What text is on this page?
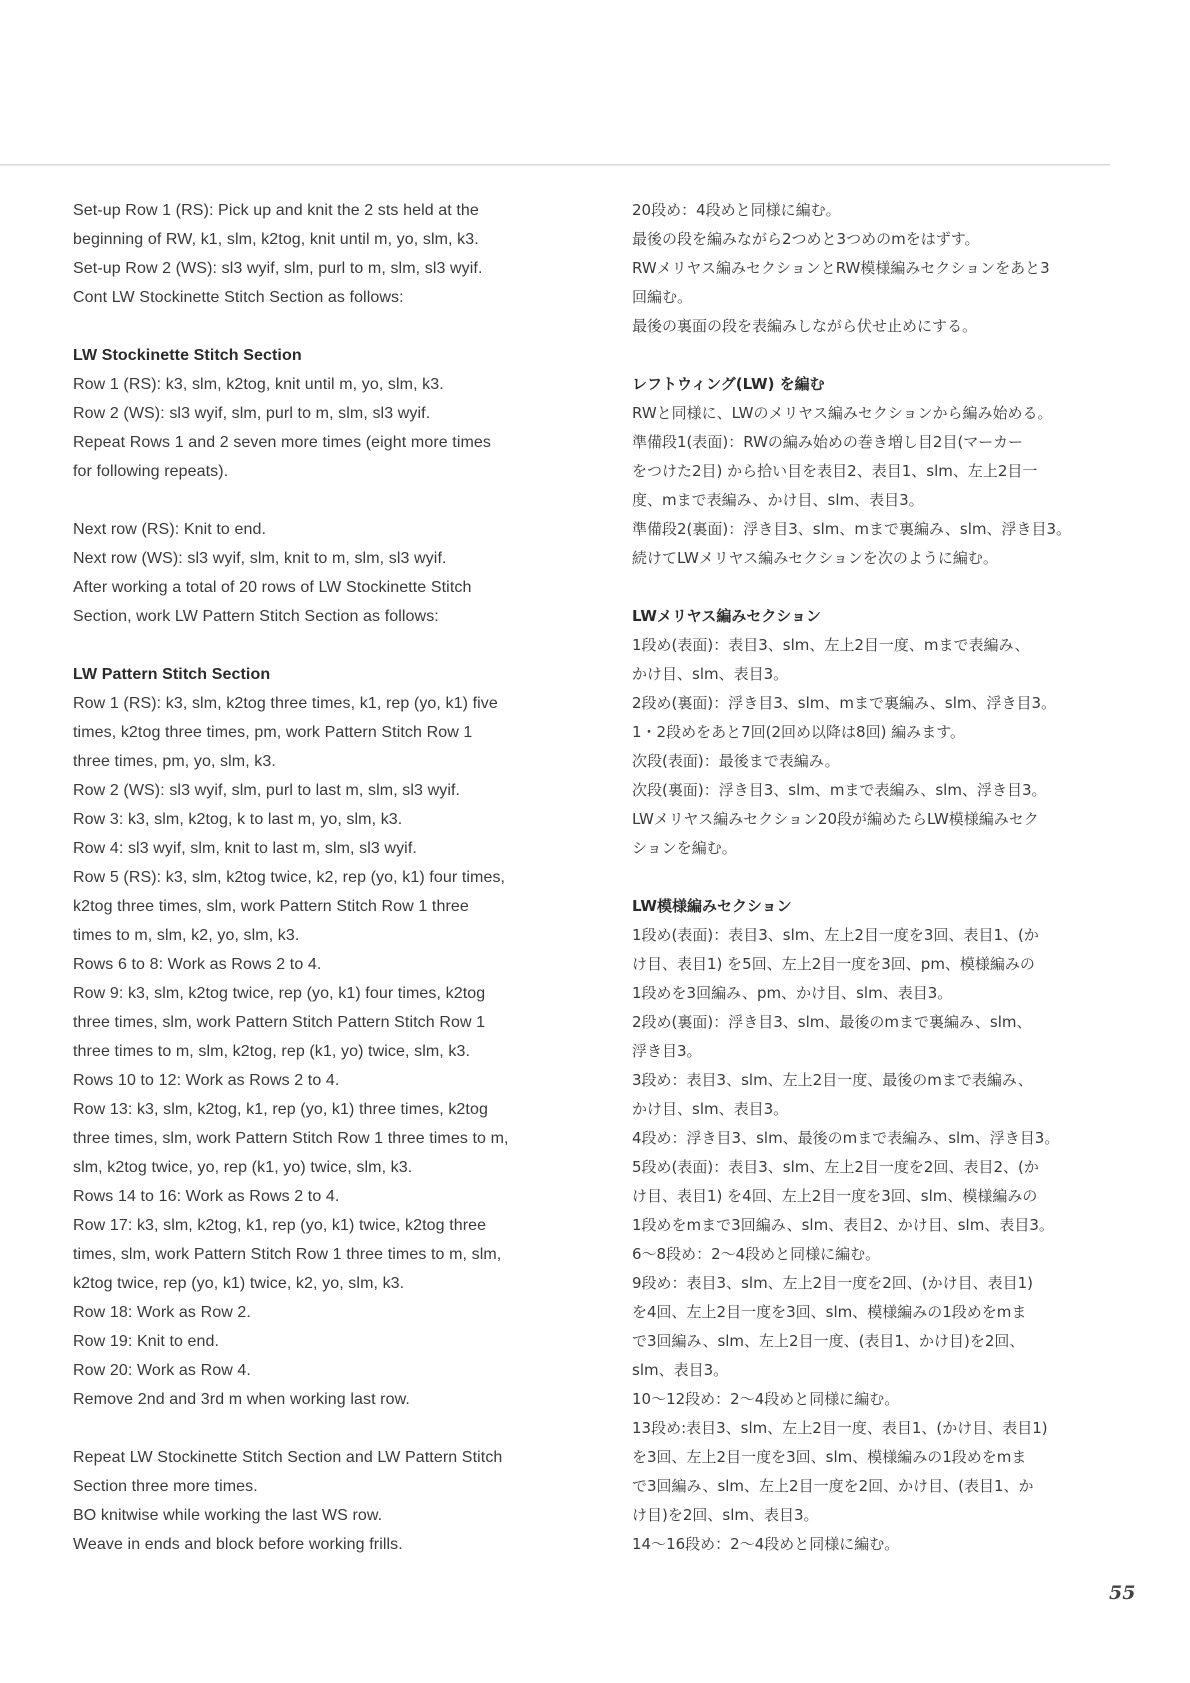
Set-up Row 1 (RS): Pick up and knit the 2 sts held at the
beginning of RW, k1, slm, k2tog, knit until m, yo, slm, k3.
Set-up Row 2 (WS): sl3 wyif, slm, purl to m, slm, sl3 wyif.
Cont LW Stockinette Stitch Section as follows:
LW Stockinette Stitch Section
Row 1 (RS): k3, slm, k2tog, knit until m, yo, slm, k3.
Row 2 (WS): sl3 wyif, slm, purl to m, slm, sl3 wyif.
Repeat Rows 1 and 2 seven more times (eight more times
for following repeats).
Next row (RS): Knit to end.
Next row (WS): sl3 wyif, slm, knit to m, slm, sl3 wyif.
After working a total of 20 rows of LW Stockinette Stitch
Section, work LW Pattern Stitch Section as follows:
LW Pattern Stitch Section
Row 1 (RS): k3, slm, k2tog three times, k1, rep (yo, k1) five
times, k2tog three times, pm, work Pattern Stitch Row 1
three times, pm, yo, slm, k3.
Row 2 (WS): sl3 wyif, slm, purl to last m, slm, sl3 wyif.
Row 3: k3, slm, k2tog, k to last m, yo, slm, k3.
Row 4: sl3 wyif, slm, knit to last m, slm, sl3 wyif.
Row 5 (RS): k3, slm, k2tog twice, k2, rep (yo, k1) four times,
k2tog three times, slm, work Pattern Stitch Row 1 three
times to m, slm, k2, yo, slm, k3.
Rows 6 to 8: Work as Rows 2 to 4.
Row 9: k3, slm, k2tog twice, rep (yo, k1) four times, k2tog
three times, slm, work Pattern Stitch Pattern Stitch Row 1
three times to m, slm, k2tog, rep (k1, yo) twice, slm, k3.
Rows 10 to 12: Work as Rows 2 to 4.
Row 13: k3, slm, k2tog, k1, rep (yo, k1) three times, k2tog
three times, slm, work Pattern Stitch Row 1 three times to m,
slm, k2tog twice, yo, rep (k1, yo) twice, slm, k3.
Rows 14 to 16: Work as Rows 2 to 4.
Row 17: k3, slm, k2tog, k1, rep (yo, k1) twice, k2tog three
times, slm, work Pattern Stitch Row 1 three times to m, slm,
k2tog twice, rep (yo, k1) twice, k2, yo, slm, k3.
Row 18: Work as Row 2.
Row 19: Knit to end.
Row 20: Work as Row 4.
Remove 2nd and 3rd m when working last row.
Repeat LW Stockinette Stitch Section and LW Pattern Stitch
Section three more times.
BO knitwise while working the last WS row.
Weave in ends and block before working frills.
20段め：4段めと同様に編む。
最後の段を編みながら2つめと3つめのmをはずす。
RWメリヤス編みセクションとRW模様編みセクションをあと3
回編む。
最後の裏面の段を表編みしながら伏せ止めにする。
レフトウィング(LW) を編む
RWと同様に、LWのメリヤス編みセクションから編み始める。
準備段1(表面)：RWの編み始めの巻き増し目2目(マーカー
をつけた2目) から拾い目を表目2、表目1、slm、左上2目一
度、mまで表編み、かけ目、slm、表目3。
準備段2(裏面)：浮き目3、slm、mまで裏編み、slm、浮き目3。
続けてLWメリヤス編みセクションを次のように編む。
LWメリヤス編みセクション
1段め(表面)：表目3、slm、左上2目一度、mまで表編み、
かけ目、slm、表目3。
2段め(裏面)：浮き目3、slm、mまで裏編み、slm、浮き目3。
1・2段めをあと7回(2回め以降は8回) 編みます。
次段(表面)：最後まで表編み。
次段(裏面)：浮き目3、slm、mまで表編み、slm、浮き目3。
LWメリヤス編みセクション20段が編めたらLW模様編みセク
ションを編む。
LW模様編みセクション
1段め(表面)：表目3、slm、左上2目一度を3回、表目1、(か
け目、表目1) を5回、左上2目一度を3回、pm、模様編みの
1段めを3回編み、pm、かけ目、slm、表目3。
2段め(裏面)：浮き目3、slm、最後のmまで裏編み、slm、
浮き目3。
3段め：表目3、slm、左上2目一度、最後のmまで表編み、
かけ目、slm、表目3。
4段め：浮き目3、slm、最後のmまで表編み、slm、浮き目3。
5段め(表面)：表目3、slm、左上2目一度を2回、表目2、(か
け目、表目1) を4回、左上2目一度を3回、slm、模様編みの
1段めをmまで3回編み、slm、表目2、かけ目、slm、表目3。
6～8段め：2～4段めと同様に編む。
9段め：表目3、slm、左上2目一度を2回、(かけ目、表目1)
を4回、左上2目一度を3回、slm、模様編みの1段めをmま
で3回編み、slm、左上2目一度、(表目1、かけ目)を2回、
slm、表目3。
10～12段め：2～4段めと同様に編む。
13段め:表目3、slm、左上2目一度、表目1、(かけ目、表目1)
を3回、左上2目一度を3回、slm、模様編みの1段めをmま
で3回編み、slm、左上2目一度を2回、かけ目、(表目1、か
け目)を2回、slm、表目3。
14～16段め：2～4段めと同様に編む。
55
